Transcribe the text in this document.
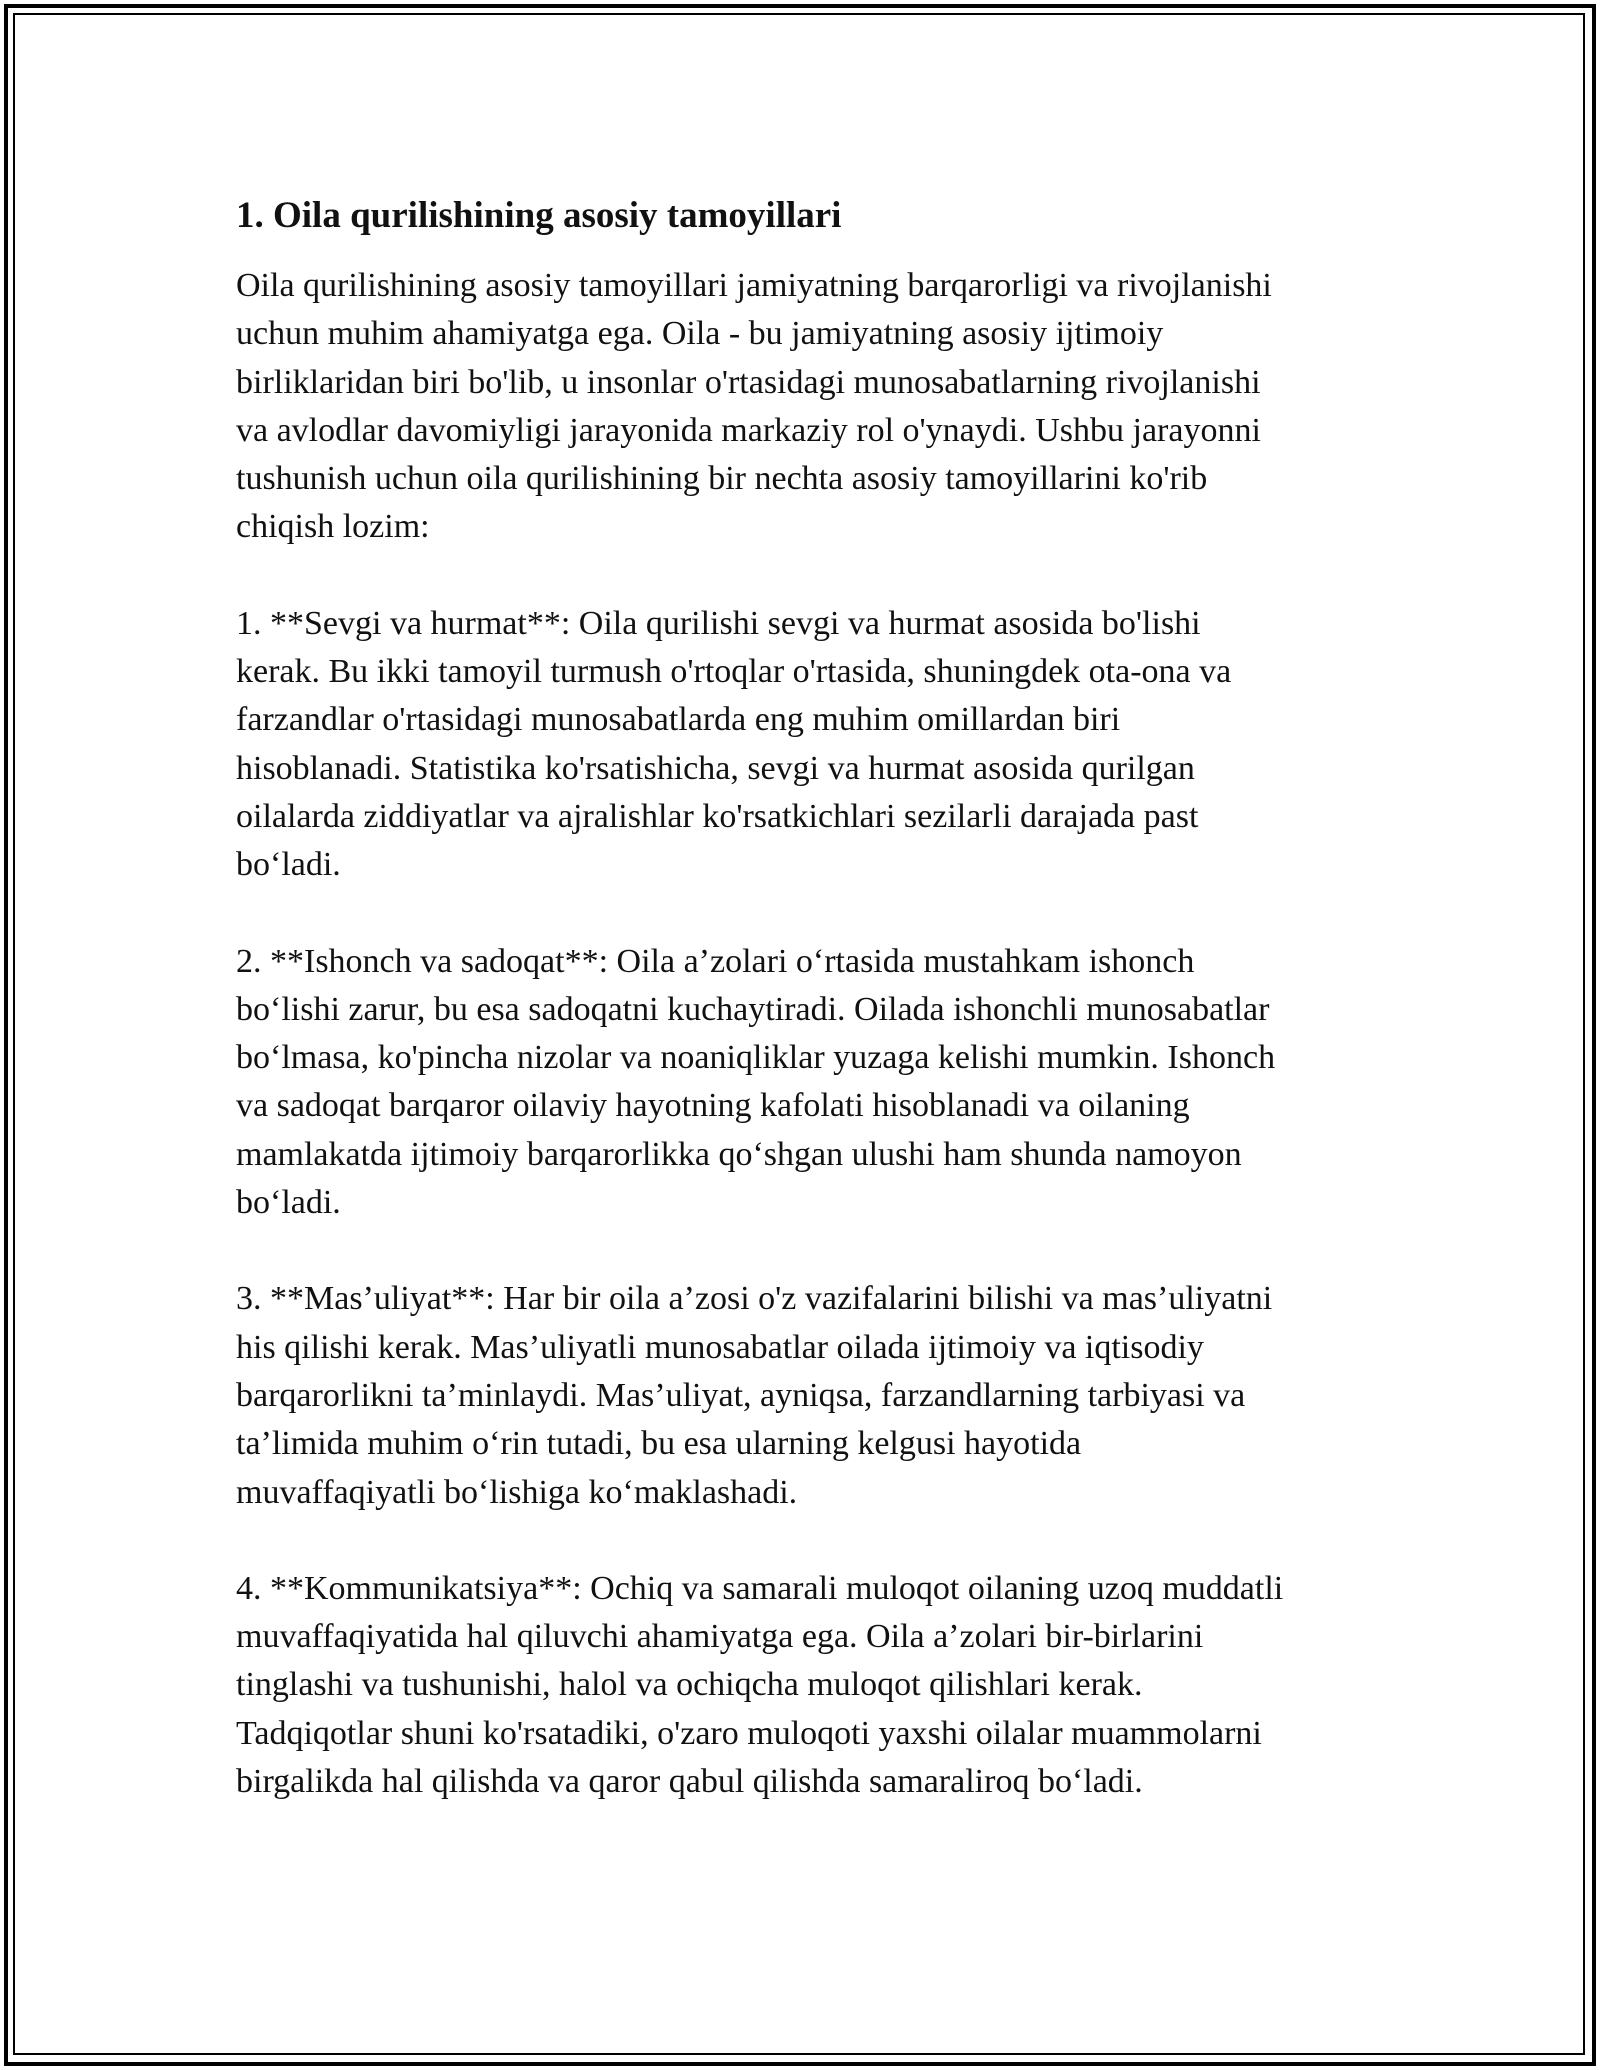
1. Oila qurilishining asosiy tamoyillari
Oila qurilishining asosiy tamoyillari jamiyatning barqarorligi va rivojlanishi
uchun muhim ahamiyatga ega. Oila - bu jamiyatning asosiy ijtimoiy
birliklaridan biri bo'lib, u insonlar o'rtasidagi munosabatlarning rivojlanishi
va avlodlar davomiyligi jarayonida markaziy rol o'ynaydi. Ushbu jarayonni
tushunish uchun oila qurilishining bir nechta asosiy tamoyillarini ko'rib
chiqish lozim:
1. **Sevgi va hurmat**: Oila qurilishi sevgi va hurmat asosida bo'lishi
kerak. Bu ikki tamoyil turmush o'rtoqlar o'rtasida, shuningdek ota-ona va
farzandlar o'rtasidagi munosabatlarda eng muhim omillardan biri
hisoblanadi. Statistika ko'rsatishicha, sevgi va hurmat asosida qurilgan
oilalarda ziddiyatlar va ajralishlar ko'rsatkichlari sezilarli darajada past
bo‘ladi.
2. **Ishonch va sadoqat**: Oila a’zolari o‘rtasida mustahkam ishonch
bo‘lishi zarur, bu esa sadoqatni kuchaytiradi. Oilada ishonchli munosabatlar
bo‘lmasa, ko'pincha nizolar va noaniqliklar yuzaga kelishi mumkin. Ishonch
va sadoqat barqaror oilaviy hayotning kafolati hisoblanadi va oilaning
mamlakatda ijtimoiy barqarorlikka qo‘shgan ulushi ham shunda namoyon
bo‘ladi.
3. **Mas’uliyat**: Har bir oila a’zosi o'z vazifalarini bilishi va mas’uliyatni
his qilishi kerak. Mas’uliyatli munosabatlar oilada ijtimoiy va iqtisodiy
barqarorlikni ta’minlaydi. Mas’uliyat, ayniqsa, farzandlarning tarbiyasi va
ta’limida muhim o‘rin tutadi, bu esa ularning kelgusi hayotida
muvaffaqiyatli bo‘lishiga ko‘maklashadi.
4. **Kommunikatsiya**: Ochiq va samarali muloqot oilaning uzoq muddatli
muvaffaqiyatida hal qiluvchi ahamiyatga ega. Oila a’zolari bir-birlarini
tinglashi va tushunishi, halol va ochiqcha muloqot qilishlari kerak.
Tadqiqotlar shuni ko'rsatadiki, o'zaro muloqoti yaxshi oilalar muammolarni
birgalikda hal qilishda va qaror qabul qilishda samaraliroq bo‘ladi.
